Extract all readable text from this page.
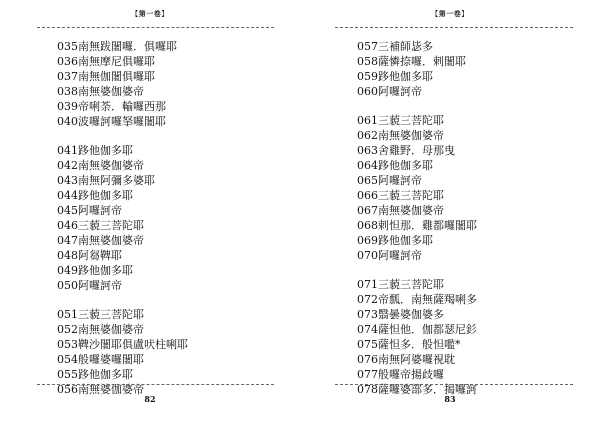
【第一卷】
035南無跋闍囉．俱囉耶
036南無摩尼俱囉耶
037南無伽闍俱囉耶
038南無婆伽婆帝
039帝唎荼．輸囉西那
040波囉訶囉拏囉闍耶
041跢他伽多耶
042南無婆伽婆帝
043南無阿彌多婆耶
044跢他伽多耶
045阿囉訶帝
046三藐三菩陀耶
047南無婆伽婆帝
048阿芻鞞耶
049跢他伽多耶
050阿囉訶帝
051三藐三菩陀耶
052南無婆伽婆帝
053鞞沙闍耶俱盧吠柱唎耶
054般囉婆囉闍耶
055跢他伽多耶
056南無婆伽婆帝
82
【第一卷】
057三補師毖多
058薩憐捺囉．剌闍耶
059跢他伽多耶
060阿囉訶帝
061三藐三菩陀耶
062南無婆伽婆帝
063舍雞野．母那曳
064跢他伽多耶
065阿囉訶帝
066三藐三菩陀耶
067南無婆伽婆帝
068剌怛那．雞都囉闍耶
069跢他伽多耶
070阿囉訶帝
071三藐三菩陀耶
072帝瓢．南無薩羯唎多
073翳曇婆伽婆多
074薩怛他．伽都瑟尼釤
075薩怛多．般怛嚂*
076南無阿婆囉視耽
077般囉帝揚歧囉
078薩囉婆部多．揭囉訶
83
